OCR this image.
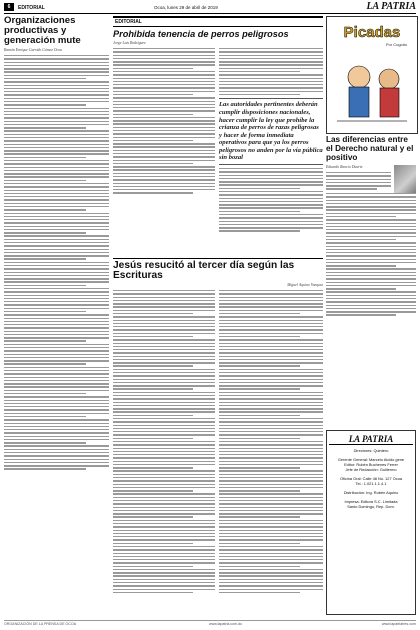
6	EDITORIAL	Ocoa, lunes 29 de abril de 2019	LA PATRIA
Organizaciones productivas y generación mute
Ramón Enrique Garrido Gómez Ocoa
EDITORIAL
Prohibida tenencia de perros peligrosos
Jorge Luis Rodríguez
Las autoridades pertinentes deberán cumplir disposiciones nacionales, hacer cumplir la ley que prohíbe la crianza de perros de razas peligrosas y hacer de forma inmediata operativos para que ya los perros peligrosos no anden por la vía pública sin bozal
Picadas
Por Cogoito
Las diferencias entre el Derecho natural y el positivo
Eduardo Rancio Duarte
Jesús resucitó al tercer día según las Escrituras
Miguel Aquino Vazquez
LA PATRIA
Directores: Quintero
Gerente General: Marcelo Alcido gene
Editor: Rubén Buchenes Ferrer
Jefe de Redacción: Guillermo
Oficina Gral: Calle 48 No. 127 Ocoa
Tel.: 1.021.1.1.4.1
Distribución: Ing. Rubén Aquino
Impresa: Editora S.C. Limitada
Santo Domingo, Rep. Dom.
ORGANIZACIÓN DE LA PRENSA DE OCOA	www.lapatria.com.do	www.lapatriatres.com
